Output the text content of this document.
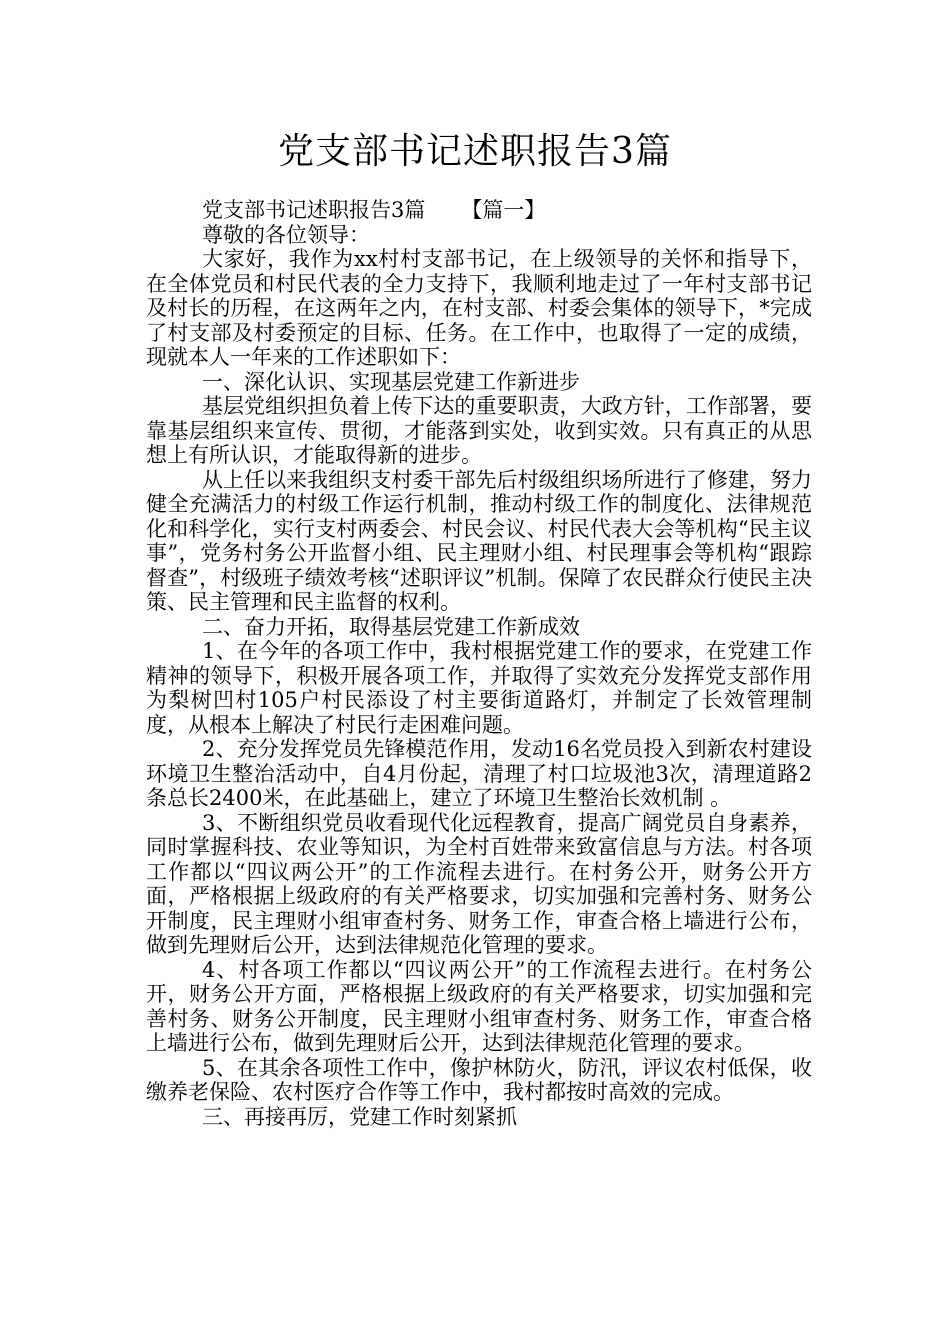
党支部书记述职报告3篇

党支部书记述职报告3篇 【篇一】

尊敬的各位领导：

大家好，我作为xx村村支部书记，在上级领导的关怀和指导下，在全体党员和村民代表的全力支持下，我顺利地走过了一年村支部书记及村长的历程，在这两年之内，在村支部、村委会集体的领导下，*完成了村支部及村委预定的目标、任务。在工作中，也取得了一定的成绩，现就本人一年来的工作述职如下：

一、深化认识、实现基层党建工作新进步

基层党组织担负着上传下达的重要职责，大政方针，工作部署，要靠基层组织来宣传、贯彻，才能落到实处，收到实效。只有真正的从思想上有所认识，才能取得新的进步。

从上任以来我组织支村委干部先后村级组织场所进行了修建，努力健全充满活力的村级工作运行机制，推动村级工作的制度化、法律规范化和科学化，实行支村两委会、村民会议、村民代表大会等机构“民主议事”，党务村务公开监督小组、民主理财小组、村民理事会等机构“跟踪督查”，村级班子绩效考核“述职评议”机制。保障了农民群众行使民主决策、民主管理和民主监督的权利。

二、奋力开拓，取得基层党建工作新成效

1、在今年的各项工作中，我村根据党建工作的要求，在党建工作精神的领导下，积极开展各项工作，并取得了实效充分发挥党支部作用为梨树凹村105户村民添设了村主要街道路灯，并制定了长效管理制度，从根本上解决了村民行走困难问题。

2、充分发挥党员先锋模范作用，发动16名党员投入到新农村建设环境卫生整治活动中，自4月份起，清理了村口垃圾池3次，清理道路2条总长2400米，在此基础上，建立了环境卫生整治长效机制 。

3、不断组织党员收看现代化远程教育，提高广阔党员自身素养，同时掌握科技、农业等知识，为全村百姓带来致富信息与方法。村各项工作都以“四议两公开”的工作流程去进行。在村务公开，财务公开方面，严格根据上级政府的有关严格要求，切实加强和完善村务、财务公开制度，民主理财小组审查村务、财务工作，审查合格上墙进行公布，做到先理财后公开，达到法律规范化管理的要求。

4、村各项工作都以“四议两公开”的工作流程去进行。在村务公开，财务公开方面，严格根据上级政府的有关严格要求，切实加强和完善村务、财务公开制度，民主理财小组审查村务、财务工作，审查合格上墙进行公布，做到先理财后公开，达到法律规范化管理的要求。

5、在其余各项性工作中，像护林防火，防汛，评议农村低保，收缴养老保险、农村医疗合作等工作中，我村都按时高效的完成。

三、再接再厉，党建工作时刻紧抓
